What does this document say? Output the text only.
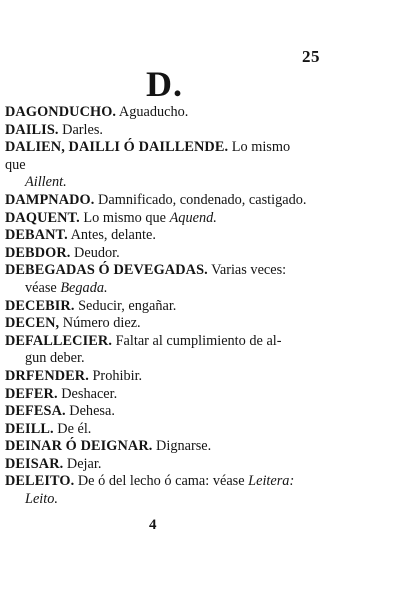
25
D.
DAGONDUCHO. Aguaducho.
DAILIS. Darles.
DALIEN, DAILLI Ó DAILLENDE. Lo mismo que
Aillent.
DAMPNADO. Damnificado, condenado, castigado.
DAQUENT. Lo mismo que Aquend.
DEBANT. Antes, delante.
DEBDOR. Deudor.
DEBEGADAS Ó DEVEGADAS. Varias veces:
véase Begada.
DECEBIR. Seducir, engañar.
DECEN, Número diez.
DEFALLECIER. Faltar al cumplimiento de al-
gun deber.
DRFENDER. Prohibir.
DEFER. Deshacer.
DEFESA. Dehesa.
DEILL. De él.
DEINAR Ó DEIGNAR. Dignarse.
DEISAR. Dejar.
DELEITO. De ó del lecho ó cama: véase Leitera:
Leito.
4
